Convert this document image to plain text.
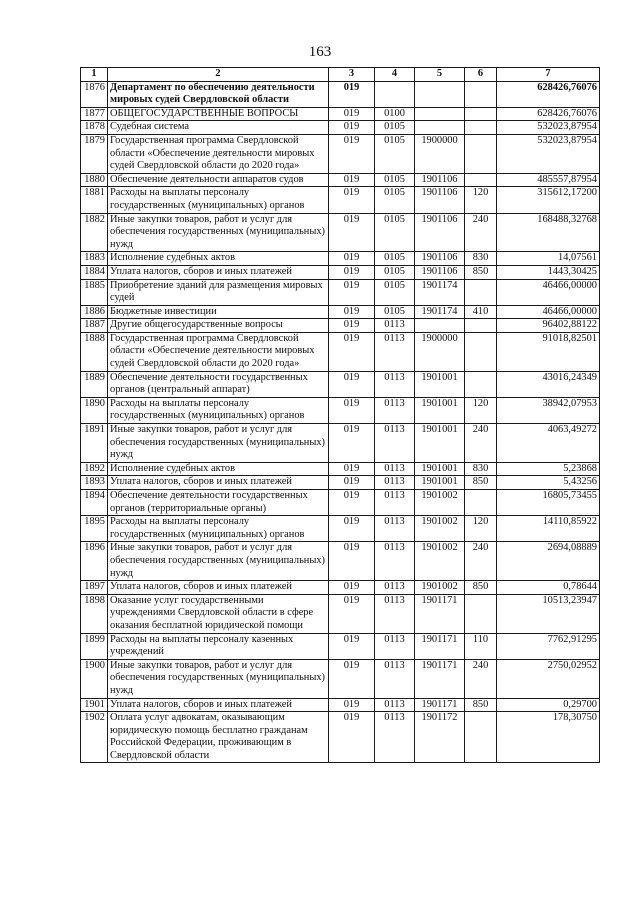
163
1	2	3	4	5	6	7
1876	Департамент по обеспечению деятельности мировых судей Свердловской области	019				628426,76076
1877	ОБЩЕГОСУДАРСТВЕННЫЕ ВОПРОСЫ	019	0100			628426,76076
1878	Судебная система	019	0105			532023,87954
1879	Государственная программа Свердловской области «Обеспечение деятельности мировых судей Свердловской области до 2020 года»	019	0105	1900000		532023,87954
1880	Обеспечение деятельности аппаратов судов	019	0105	1901106		485557,87954
1881	Расходы на выплаты персоналу государственных (муниципальных) органов	019	0105	1901106	120	315612,17200
1882	Иные закупки товаров, работ и услуг для обеспечения государственных (муниципальных) нужд	019	0105	1901106	240	168488,32768
1883	Исполнение судебных актов	019	0105	1901106	830	14,07561
1884	Уплата налогов, сборов и иных платежей	019	0105	1901106	850	1443,30425
1885	Приобретение зданий для размещения мировых судей	019	0105	1901174		46466,00000
1886	Бюджетные инвестиции	019	0105	1901174	410	46466,00000
1887	Другие общегосударственные вопросы	019	0113			96402,88122
1888	Государственная программа Свердловской области «Обеспечение деятельности мировых судей Свердловской области до 2020 года»	019	0113	1900000		91018,82501
1889	Обеспечение деятельности государственных органов (центральный аппарат)	019	0113	1901001		43016,24349
1890	Расходы на выплаты персоналу государственных (муниципальных) органов	019	0113	1901001	120	38942,07953
1891	Иные закупки товаров, работ и услуг для обеспечения государственных (муниципальных) нужд	019	0113	1901001	240	4063,49272
1892	Исполнение судебных актов	019	0113	1901001	830	5,23868
1893	Уплата налогов, сборов и иных платежей	019	0113	1901001	850	5,43256
1894	Обеспечение деятельности государственных органов (территориальные органы)	019	0113	1901002		16805,73455
1895	Расходы на выплаты персоналу государственных (муниципальных) органов	019	0113	1901002	120	14110,85922
1896	Иные закупки товаров, работ и услуг для обеспечения государственных (муниципальных) нужд	019	0113	1901002	240	2694,08889
1897	Уплата налогов, сборов и иных платежей	019	0113	1901002	850	0,78644
1898	Оказание услуг государственными учреждениями Свердловской области в сфере оказания бесплатной юридической помощи	019	0113	1901171		10513,23947
1899	Расходы на выплаты персоналу казенных учреждений	019	0113	1901171	110	7762,91295
1900	Иные закупки товаров, работ и услуг для обеспечения государственных (муниципальных) нужд	019	0113	1901171	240	2750,02952
1901	Уплата налогов, сборов и иных платежей	019	0113	1901171	850	0,29700
1902	Оплата услуг адвокатам, оказывающим юридическую помощь бесплатно гражданам Российской Федерации, проживающим в Свердловской области	019	0113	1901172		178,30750
